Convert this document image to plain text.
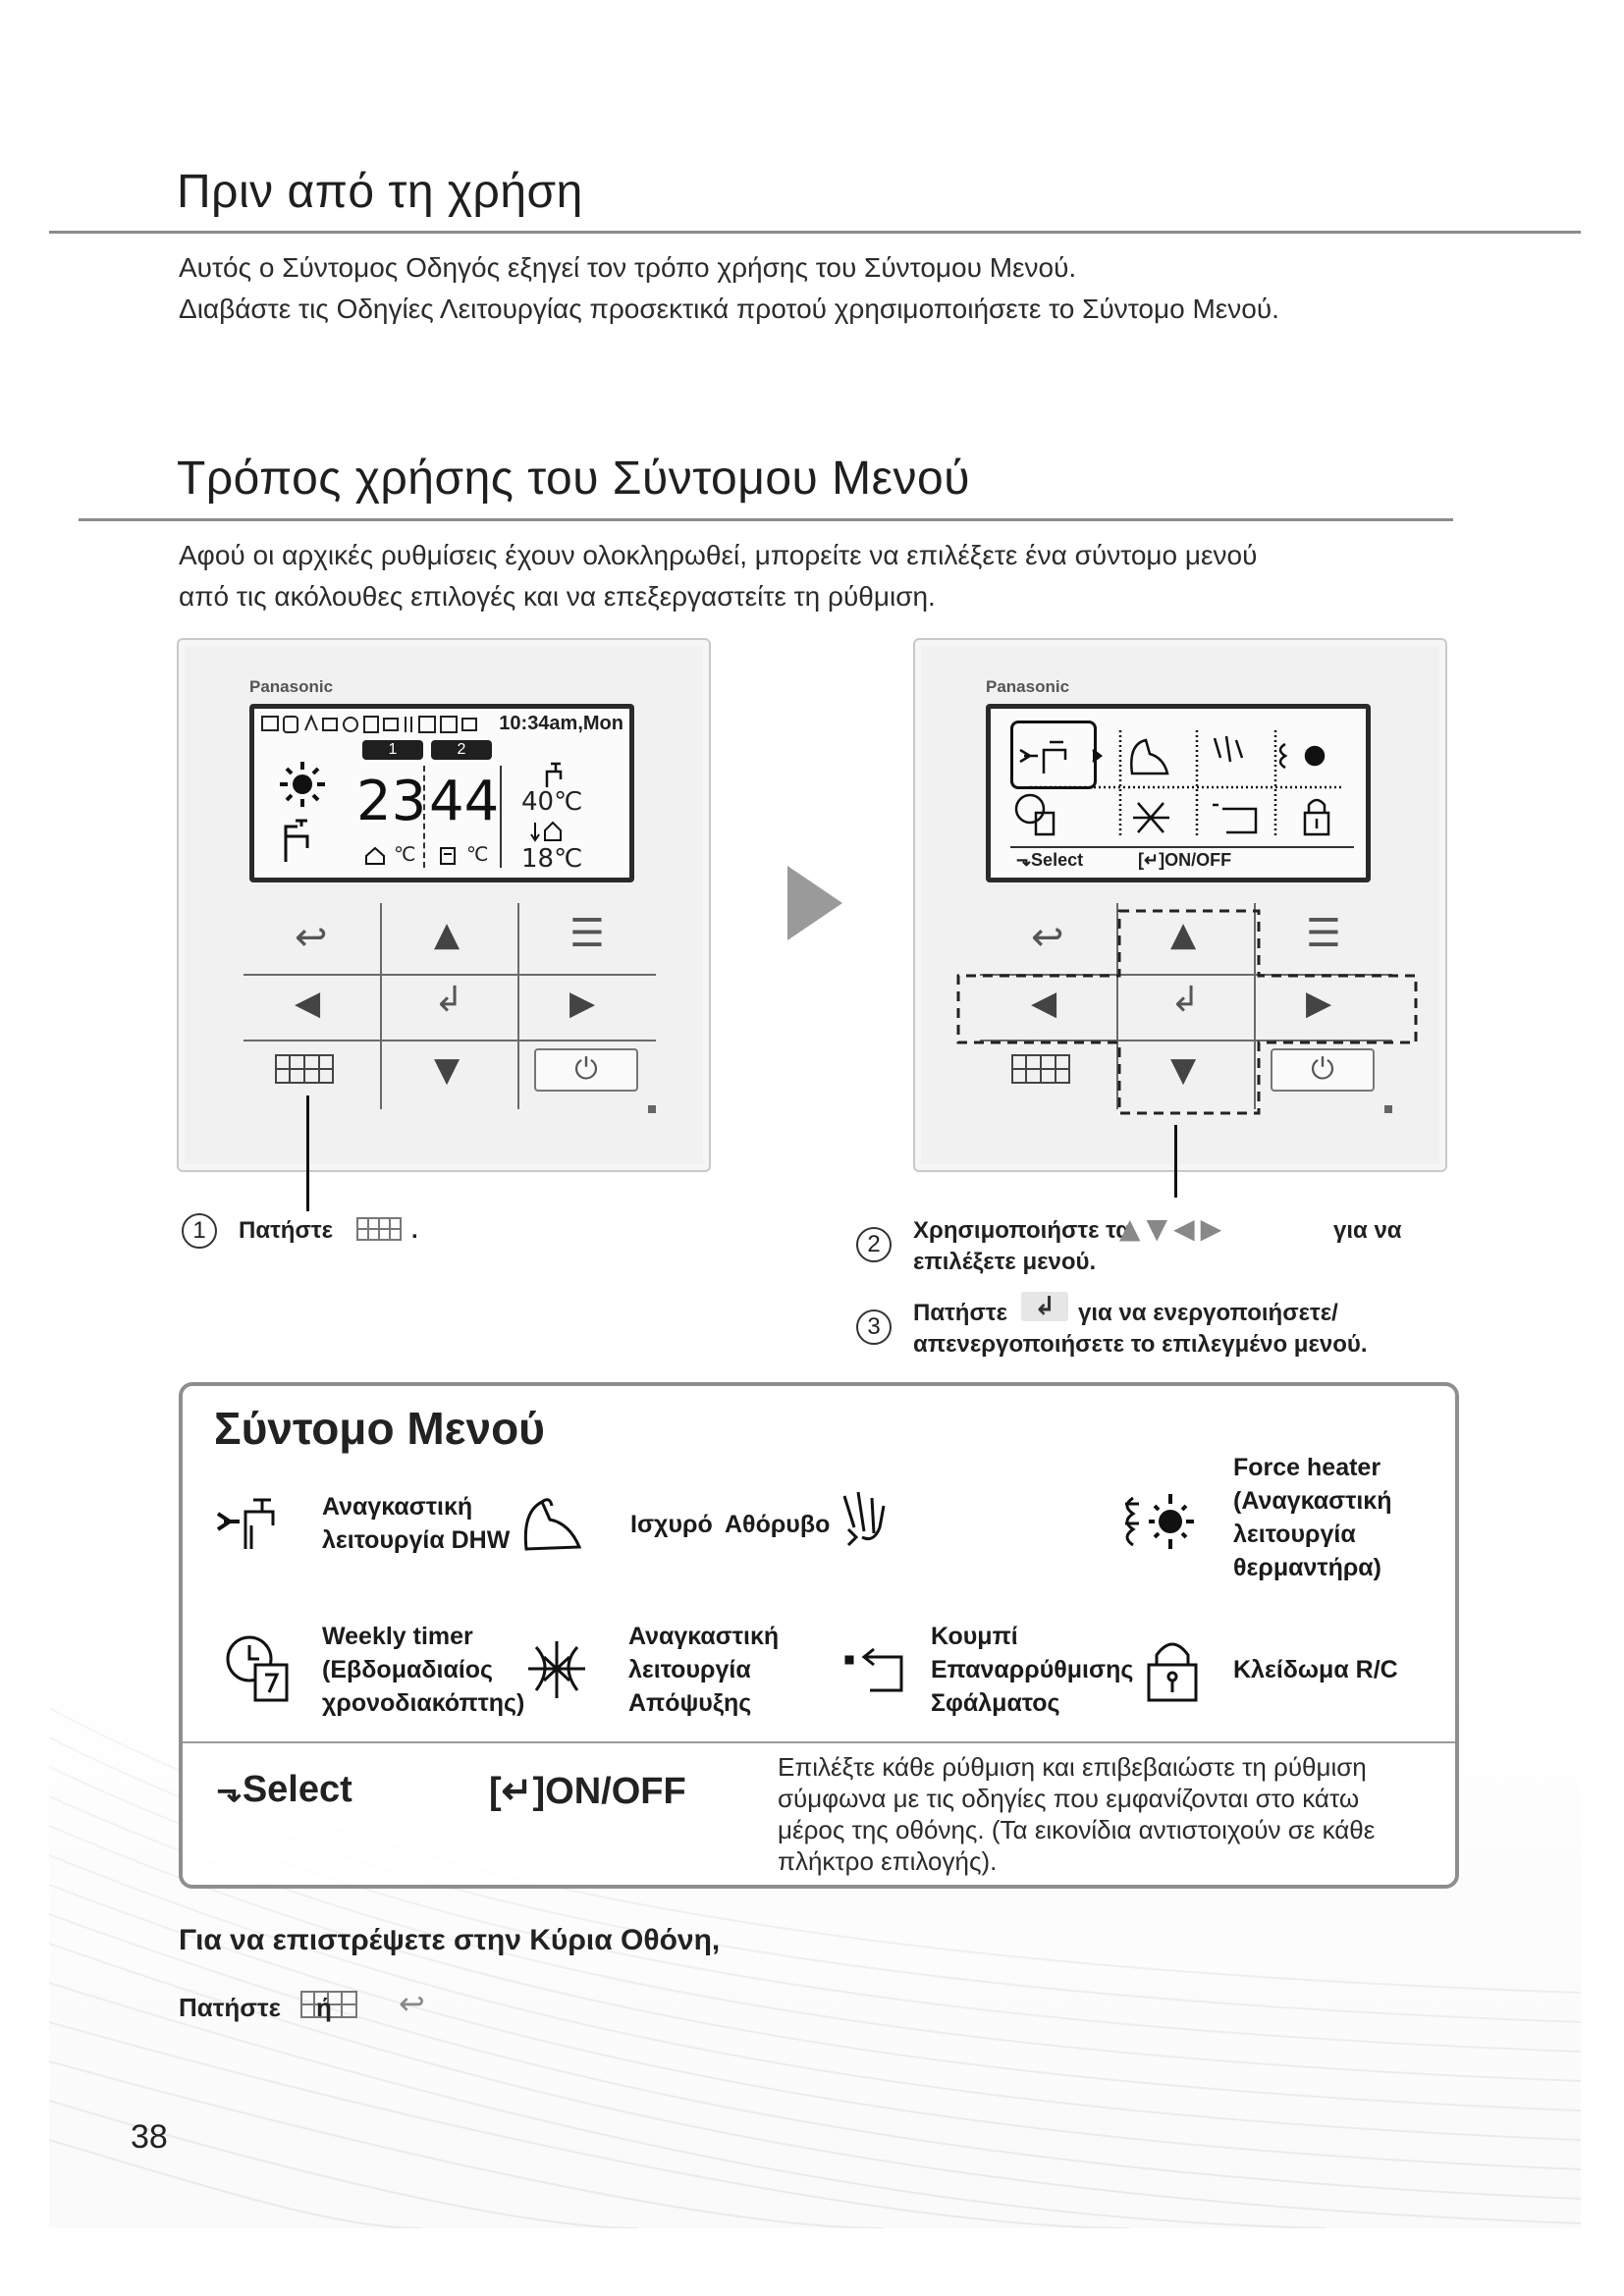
Πριν από τη χρήση
Αυτός ο Σύντομος Οδηγός εξηγεί τον τρόπο χρήσης του Σύντομου Μενού.
Διαβάστε τις Οδηγίες Λειτουργίας προσεκτικά προτού χρησιμοποιήσετε το Σύντομο Μενού.
Τρόπος χρήσης του Σύντομου Μενού
Αφού οι αρχικές ρυθμίσεις έχουν ολοκληρωθεί, μπορείτε να επιλέξετε ένα σύντομο μενού
από τις ακόλουθες επιλογές και να επεξεργαστείτε τη ρύθμιση.
Panasonic
10:34am,Mon
1	2
23 44 40℃
18℃
℃	℃
↩	▲	☰
◀	↲	▶
▼	⏻
Panasonic
⬎Select	[↵]ON/OFF
↩	▲	☰
◀	↲	▶
▼	⏻
1	Πατήστε	.
2
Χρησιμοποιήστε τα
▲▼◀▶	για να
επιλέξετε μενού.
3
Πατήστε	↲ για να ενεργοποιήσετε/
απενεργοποιήσετε το επιλεγμένο μενού.
Σύντομο Μενού
Αναγκαστική
λειτουργία DHW
Ισχυρό Αθόρυβο
Force heater
(Αναγκαστική
λειτουργία
θερμαντήρα)
Weekly timer
(Εβδομαδιαίος
χρονοδιακόπτης)
Αναγκαστική
λειτουργία
Απόψυξης
Κουμπί
Επαναρρύθμισης
Σφάλματος
Κλείδωμα R/C
⬎Select	[↵]ON/OFF
Επιλέξτε κάθε ρύθμιση και επιβεβαιώστε τη ρύθμιση
σύμφωνα με τις οδηγίες που εμφανίζονται στο κάτω
μέρος της οθόνης. (Τα εικονίδια αντιστοιχούν σε κάθε
πλήκτρο επιλογής).
Για να επιστρέψετε στην Κύρια Οθόνη,
Πατήστε ή ↩
38
